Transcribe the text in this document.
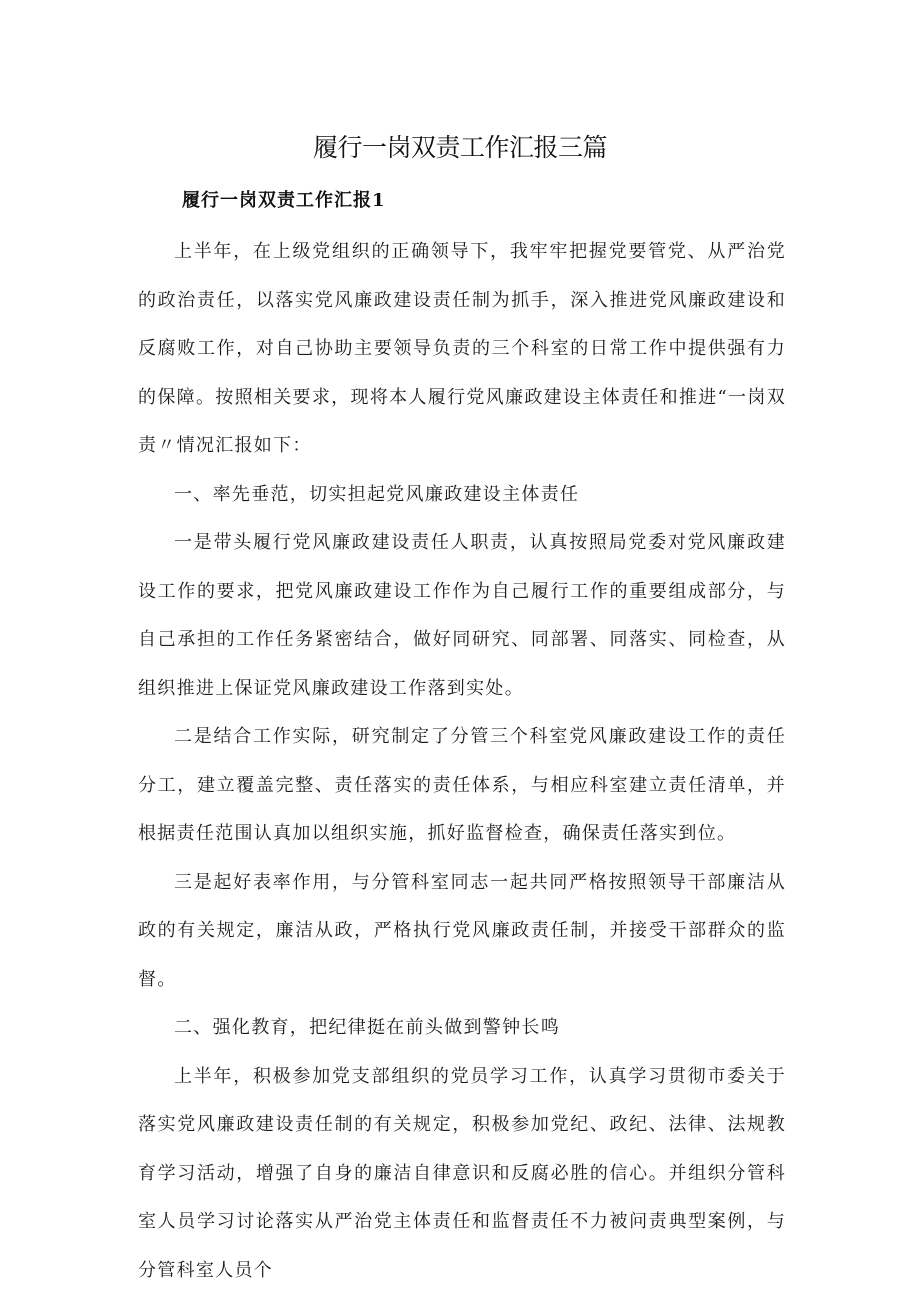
履行一岗双责工作汇报三篇
履行一岗双责工作汇报1

上半年，在上级党组织的正确领导下，我牢牢把握党要管党、从严治党的政治责任，以落实党风廉政建设责任制为抓手，深入推进党风廉政建设和反腐败工作，对自己协助主要领导负责的三个科室的日常工作中提供强有力的保障。按照相关要求，现将本人履行党风廉政建设主体责任和推进“一岗双责〃情况汇报如下：

一、率先垂范，切实担起党风廉政建设主体责任

一是带头履行党风廉政建设责任人职责，认真按照局党委对党风廉政建设工作的要求，把党风廉政建设工作作为自己履行工作的重要组成部分，与自己承担的工作任务紧密结合，做好同研究、同部署、同落实、同检查，从组织推进上保证党风廉政建设工作落到实处。

二是结合工作实际，研究制定了分管三个科室党风廉政建设工作的责任分工，建立覆盖完整、责任落实的责任体系，与相应科室建立责任清单，并根据责任范围认真加以组织实施，抓好监督检查，确保责任落实到位。

三是起好表率作用，与分管科室同志一起共同严格按照领导干部廉洁从政的有关规定，廉洁从政，严格执行党风廉政责任制，并接受干部群众的监督。

二、强化教育，把纪律挺在前头做到警钟长鸣

上半年，积极参加党支部组织的党员学习工作，认真学习贯彻市委关于落实党风廉政建设责任制的有关规定，积极参加党纪、政纪、法律、法规教育学习活动，增强了自身的廉洁自律意识和反腐必胜的信心。并组织分管科室人员学习讨论落实从严治党主体责任和监督责任不力被问责典型案例，与分管科室人员个
